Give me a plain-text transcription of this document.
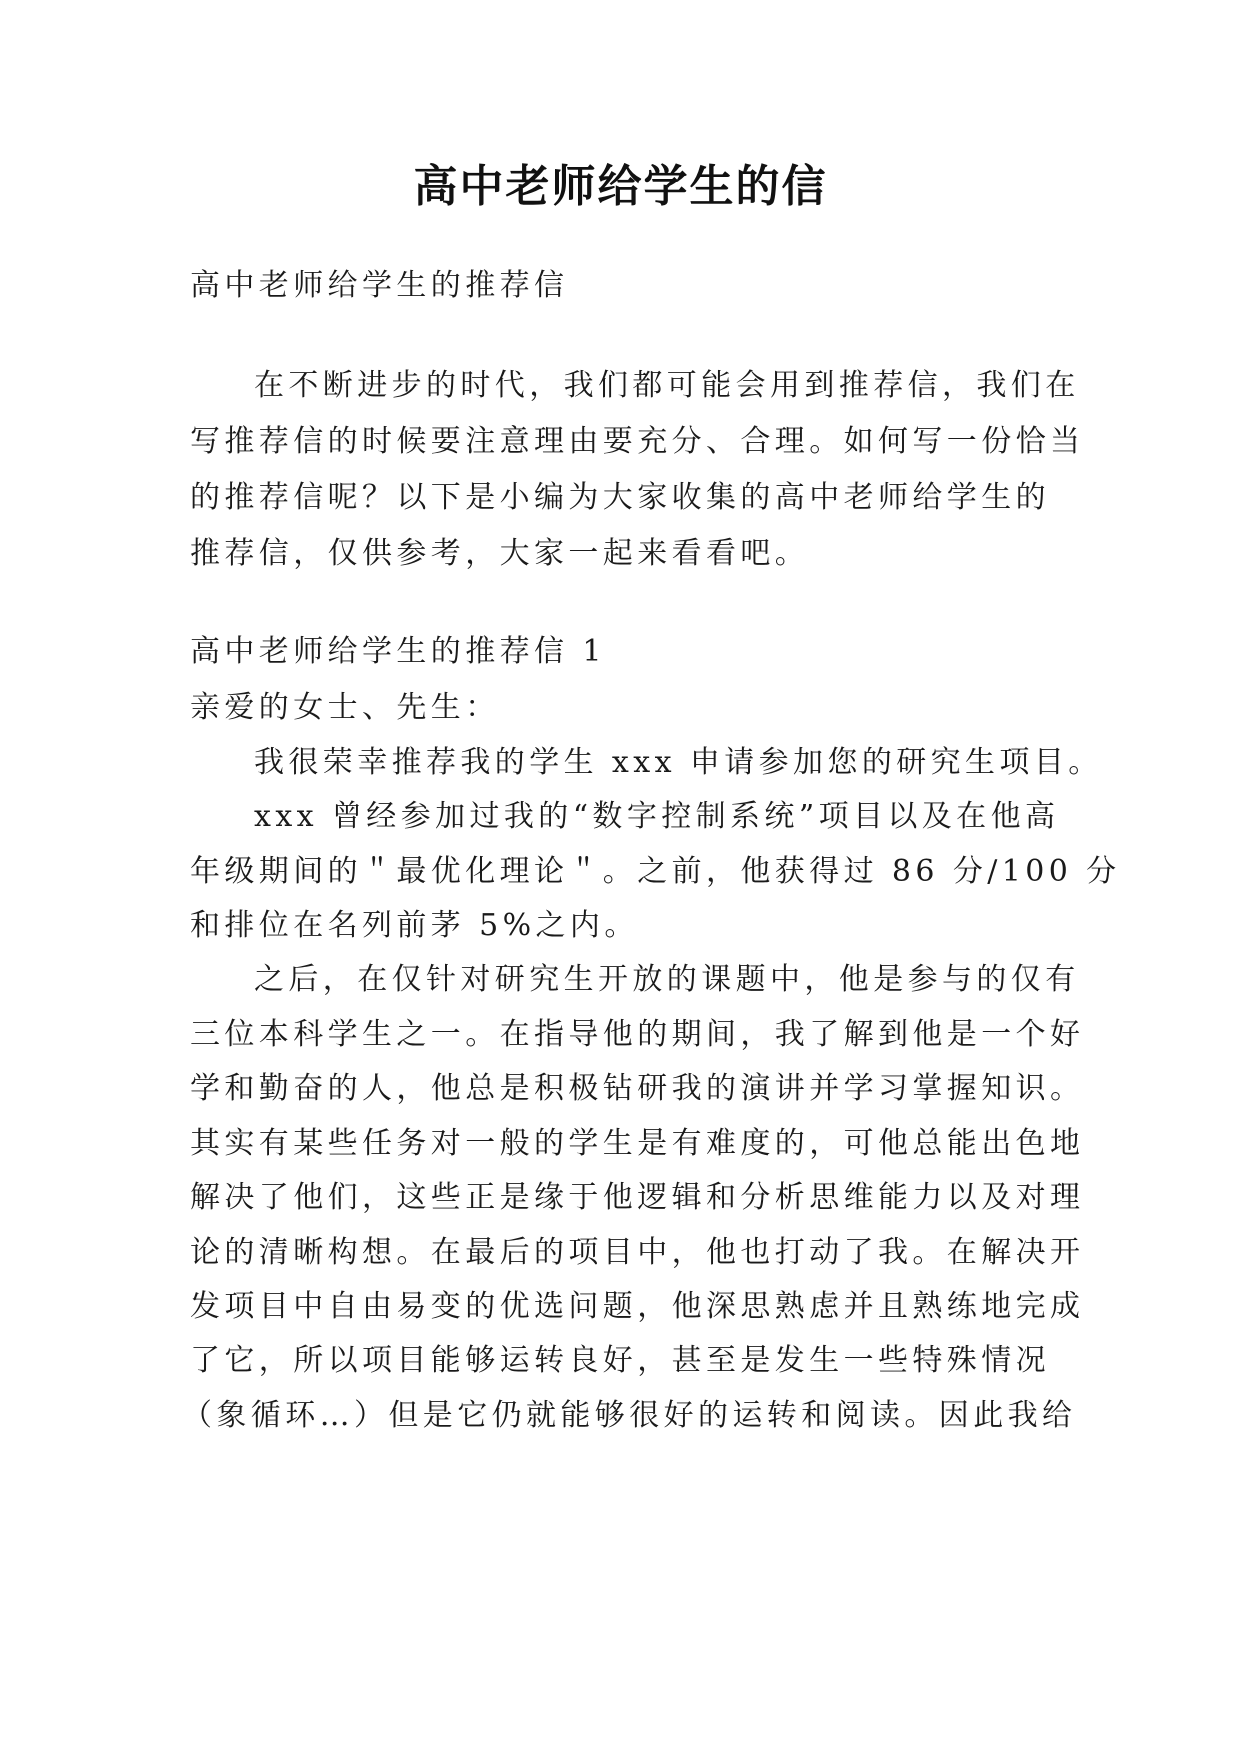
高中老师给学生的信
高中老师给学生的推荐信
在不断进步的时代，我们都可能会用到推荐信，我们在
写推荐信的时候要注意理由要充分、合理。如何写一份恰当
的推荐信呢？以下是小编为大家收集的高中老师给学生的
推荐信，仅供参考，大家一起来看看吧。
高中老师给学生的推荐信 1
亲爱的女士、先生：
我很荣幸推荐我的学生 xxx 申请参加您的研究生项目。
xxx 曾经参加过我的“数字控制系统”项目以及在他高
年级期间的＂最优化理论＂。之前，他获得过 86 分/100 分
和排位在名列前茅 5%之内。
之后，在仅针对研究生开放的课题中，他是参与的仅有
三位本科学生之一。在指导他的期间，我了解到他是一个好
学和勤奋的人，他总是积极钻研我的演讲并学习掌握知识。
其实有某些任务对一般的学生是有难度的，可他总能出色地
解决了他们，这些正是缘于他逻辑和分析思维能力以及对理
论的清晰构想。在最后的项目中，他也打动了我。在解决开
发项目中自由易变的优选问题，他深思熟虑并且熟练地完成
了它，所以项目能够运转良好，甚至是发生一些特殊情况
（象循环…）但是它仍就能够很好的运转和阅读。因此我给
